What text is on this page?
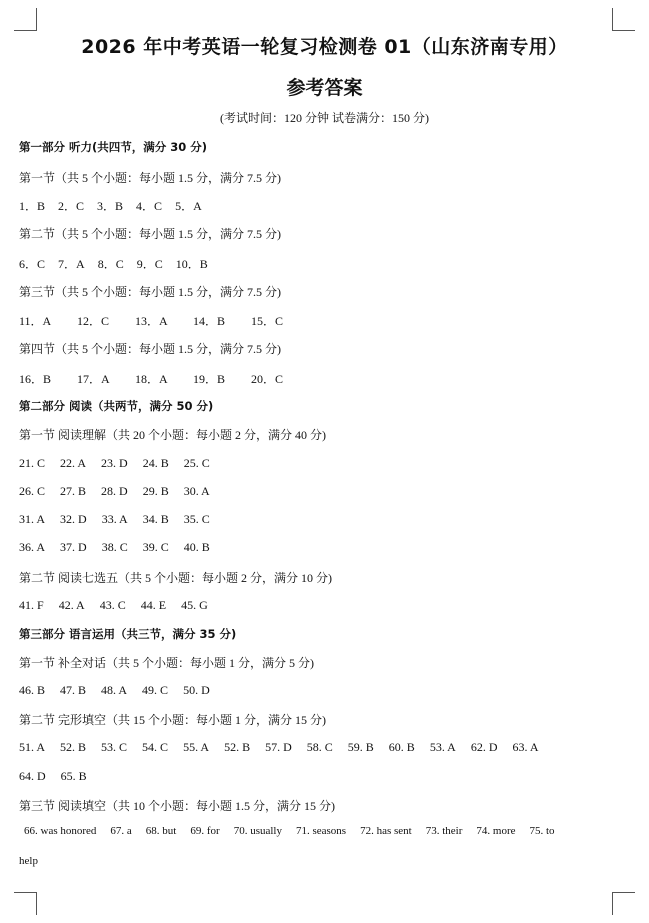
2026 年中考英语一轮复习检测卷 01（山东济南专用）
参考答案
(考试时间：120 分钟 试卷满分：150 分)
第一部分 听力(共四节，满分 30 分)
第一节（共 5 个小题：每小题 1.5 分，满分 7.5 分)
1．B 2．C 3．B 4．C 5．A
第二节（共 5 个小题：每小题 1.5 分，满分 7.5 分)
6．C 7．A 8．C 9．C 10．B
第三节（共 5 个小题：每小题 1.5 分，满分 7.5 分)
11．A 12．C 13．A 14．B 15．C
第四节（共 5 个小题：每小题 1.5 分，满分 7.5 分)
16．B 17．A 18．A 19．B 20．C
第二部分 阅读（共两节，满分 50 分)
第一节 阅读理解（共 20 个小题：每小题 2 分，满分 40 分)
21. C 22. A 23. D 24. B 25. C
26. C 27. B 28. D 29. B 30. A
31. A 32. D 33. A 34. B 35. C
36. A 37. D 38. C 39. C 40. B
第二节 阅读七选五（共 5 个小题：每小题 2 分，满分 10 分)
41. F 42. A 43. C 44. E 45. G
第三部分 语言运用（共三节，满分 35 分)
第一节 补全对话（共 5 个小题：每小题 1 分，满分 5 分)
46. B 47. B 48. A 49. C 50. D
第二节 完形填空（共 15 个小题：每小题 1 分，满分 15 分)
51. A 52. B 53. C 54. C 55. A 52. B 57. D 58. C 59. B 60. B 53. A 62. D 63. A
64. D 65. B
第三节 阅读填空（共 10 个小题：每小题 1.5 分，满分 15 分)
66. was honored 67. a 68. but 69. for 70. usually 71. seasons 72. has sent 73. their 74. more 75. to
help
